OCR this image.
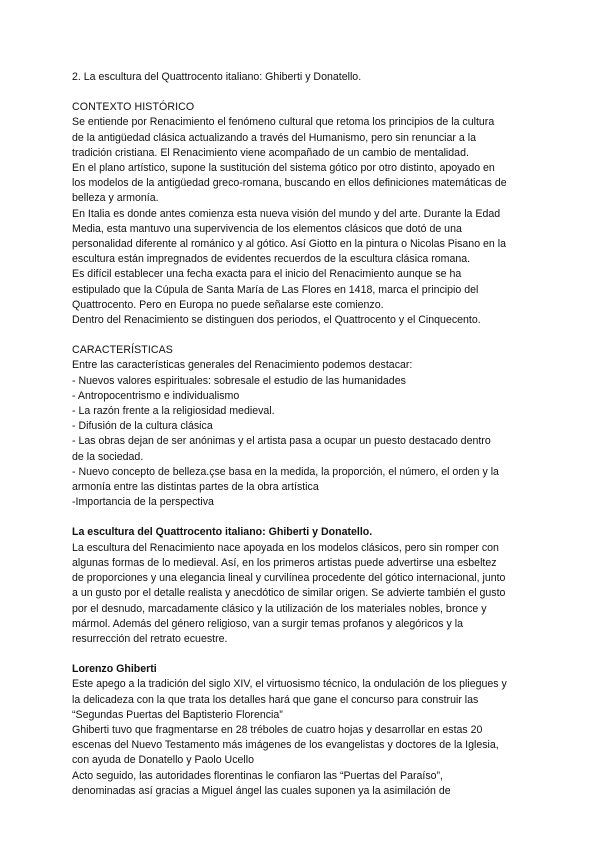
2. La escultura del Quattrocento italiano: Ghiberti y Donatello.

CONTEXTO HISTÓRICO

Se entiende por Renacimiento el fenómeno cultural que retoma los principios de la cultura

de la antigüedad clásica actualizando a través del Humanismo, pero sin renunciar a la

tradición cristiana. El Renacimiento viene acompañado de un cambio de mentalidad.

En el plano artístico, supone la sustitución del sistema gótico por otro distinto, apoyado en

los modelos de la antigüedad greco-romana, buscando en ellos definiciones matemáticas de

belleza y armonía.

En Italia es donde antes comienza esta nueva visión del mundo y del arte. Durante la Edad

Media, esta mantuvo una supervivencia de los elementos clásicos que dotó de una

personalidad diferente al románico y al gótico. Así Giotto en la pintura o Nicolas Pisano en la

escultura están impregnados de evidentes recuerdos de la escultura clásica romana.

Es difícil establecer una fecha exacta para el inicio del Renacimiento aunque se ha

estipulado que la Cúpula de Santa María de Las Flores en 1418, marca el principio del

Quattrocento. Pero en Europa no puede señalarse este comienzo.

Dentro del Renacimiento se distinguen dos periodos, el Quattrocento y el Cinquecento.

CARACTERÍSTICAS

Entre las características generales del Renacimiento podemos destacar:

- Nuevos valores espirituales: sobresale el estudio de las humanidades

- Antropocentrismo e individualismo

- La razón frente a la religiosidad medieval.

- Difusión de la cultura clásica

- Las obras dejan de ser anónimas y el artista pasa a ocupar un puesto destacado dentro

de la sociedad.

- Nuevo concepto de belleza.çse basa en la medida, la proporción, el número, el orden y la

armonía entre las distintas partes de la obra artística

-Importancia de la perspectiva

La escultura del Quattrocento italiano: Ghiberti y Donatello.

La escultura del Renacimiento nace apoyada en los modelos clásicos, pero sin romper con

algunas formas de lo medieval. Así, en los primeros artistas puede advertirse una esbeltez

de proporciones y una elegancia lineal y curvilínea procedente del gótico internacional, junto

a un gusto por el detalle realista y anecdótico de similar origen. Se advierte también el gusto

por el desnudo, marcadamente clásico y la utilización de los materiales nobles, bronce y

mármol. Además del género religioso, van a surgir temas profanos y alegóricos y la

resurrección del retrato ecuestre.

Lorenzo Ghiberti

Este apego a la tradición del siglo XIV, el virtuosismo técnico, la ondulación de los pliegues y

la delicadeza con la que trata los detalles hará que gane el concurso para construir las

“Segundas Puertas del Baptisterio Florencia”

Ghiberti tuvo que fragmentarse en 28 tréboles de cuatro hojas y desarrollar en estas 20

escenas del Nuevo Testamento más imágenes de los evangelistas y doctores de la Iglesia,

con ayuda de Donatello y Paolo Ucello

Acto seguido, las autoridades florentinas le confiaron las “Puertas del Paraíso”,

denominadas así gracias a Miguel ángel las cuales suponen ya la asimilación de
